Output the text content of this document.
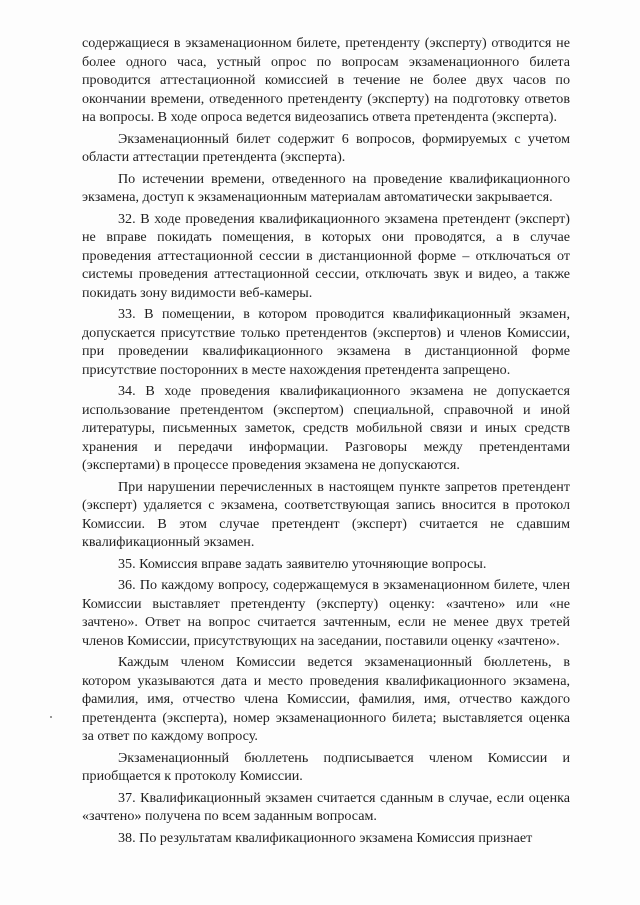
содержащиеся в экзаменационном билете, претенденту (эксперту) отводится не более одного часа, устный опрос по вопросам экзаменационного билета проводится аттестационной комиссией в течение не более двух часов по окончании времени, отведенного претенденту (эксперту) на подготовку ответов на вопросы. В ходе опроса ведется видеозапись ответа претендента (эксперта).

Экзаменационный билет содержит 6 вопросов, формируемых с учетом области аттестации претендента (эксперта).

По истечении времени, отведенного на проведение квалификационного экзамена, доступ к экзаменационным материалам автоматически закрывается.

32. В ходе проведения квалификационного экзамена претендент (эксперт) не вправе покидать помещения, в которых они проводятся, а в случае проведения аттестационной сессии в дистанционной форме – отключаться от системы проведения аттестационной сессии, отключать звук и видео, а также покидать зону видимости веб-камеры.

33. В помещении, в котором проводится квалификационный экзамен, допускается присутствие только претендентов (экспертов) и членов Комиссии, при проведении квалификационного экзамена в дистанционной форме присутствие посторонних в месте нахождения претендента запрещено.

34. В ходе проведения квалификационного экзамена не допускается использование претендентом (экспертом) специальной, справочной и иной литературы, письменных заметок, средств мобильной связи и иных средств хранения и передачи информации. Разговоры между претендентами (экспертами) в процессе проведения экзамена не допускаются.

При нарушении перечисленных в настоящем пункте запретов претендент (эксперт) удаляется с экзамена, соответствующая запись вносится в протокол Комиссии. В этом случае претендент (эксперт) считается не сдавшим квалификационный экзамен.

35. Комиссия вправе задать заявителю уточняющие вопросы.

36. По каждому вопросу, содержащемуся в экзаменационном билете, член Комиссии выставляет претенденту (эксперту) оценку: «зачтено» или «не зачтено». Ответ на вопрос считается зачтенным, если не менее двух третей членов Комиссии, присутствующих на заседании, поставили оценку «зачтено».

Каждым членом Комиссии ведется экзаменационный бюллетень, в котором указываются дата и место проведения квалификационного экзамена, фамилия, имя, отчество члена Комиссии, фамилия, имя, отчество каждого претендента (эксперта), номер экзаменационного билета; выставляется оценка за ответ по каждому вопросу.

Экзаменационный бюллетень подписывается членом Комиссии и приобщается к протоколу Комиссии.

37. Квалификационный экзамен считается сданным в случае, если оценка «зачтено» получена по всем заданным вопросам.

38. По результатам квалификационного экзамена Комиссия признает
